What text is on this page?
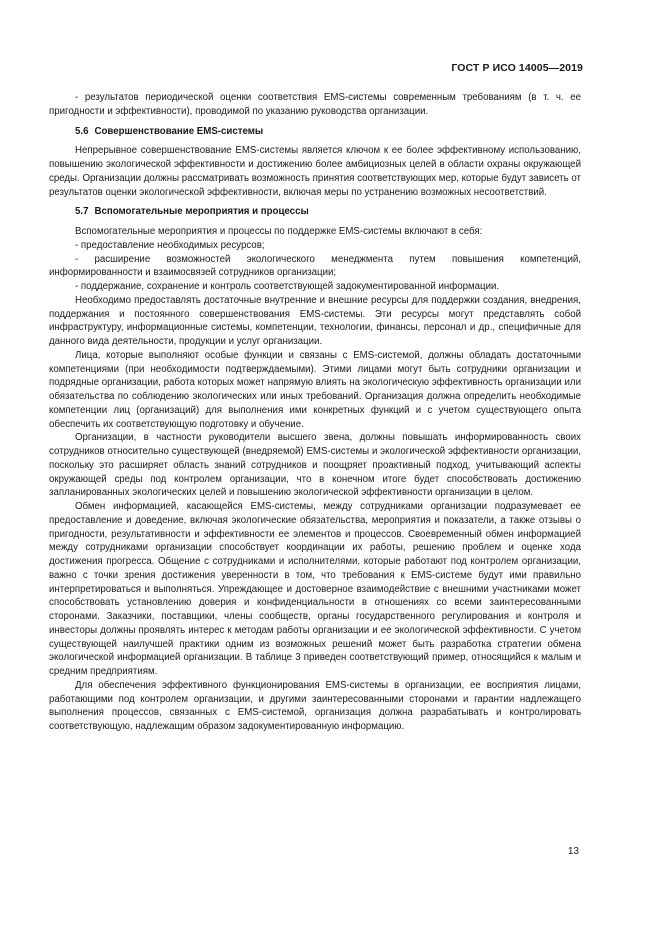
ГОСТ Р ИСО 14005—2019

- результатов периодической оценки соответствия EMS-системы современным требованиям (в т. ч. ее пригодности и эффективности), проводимой по указанию руководства организации.

5.6 Совершенствование EMS-системы

Непрерывное совершенствование EMS-системы является ключом к ее более эффективному использованию, повышению экологической эффективности и достижению более амбициозных целей в области охраны окружающей среды. Организации должны рассматривать возможность принятия соответствующих мер, которые будут зависеть от результатов оценки экологической эффективности, включая меры по устранению возможных несоответствий.

5.7 Вспомогательные мероприятия и процессы

Вспомогательные мероприятия и процессы по поддержке EMS-системы включают в себя:

- предоставление необходимых ресурсов;

- расширение возможностей экологического менеджмента путем повышения компетенций, информированности и взаимосвязей сотрудников организации;

- поддержание, сохранение и контроль соответствующей задокументированной информации.

Необходимо предоставлять достаточные внутренние и внешние ресурсы для поддержки создания, внедрения, поддержания и постоянного совершенствования EMS-системы. Эти ресурсы могут представлять собой инфраструктуру, информационные системы, компетенции, технологии, финансы, персонал и др., специфичные для данного вида деятельности, продукции и услуг организации.

Лица, которые выполняют особые функции и связаны с EMS-системой, должны обладать достаточными компетенциями (при необходимости подтверждаемыми). Этими лицами могут быть сотрудники организации и подрядные организации, работа которых может напрямую влиять на экологическую эффективность организации или обязательства по соблюдению экологических или иных требований. Организация должна определить необходимые компетенции лиц (организаций) для выполнения ими конкретных функций и с учетом существующего опыта обеспечить их соответствующую подготовку и обучение.

Организации, в частности руководители высшего звена, должны повышать информированность своих сотрудников относительно существующей (внедряемой) EMS-системы и экологической эффективности организации, поскольку это расширяет область знаний сотрудников и поощряет проактивный подход, учитывающий аспекты окружающей среды под контролем организации, что в конечном итоге будет способствовать достижению запланированных экологических целей и повышению экологической эффективности организации в целом.

Обмен информацией, касающейся EMS-системы, между сотрудниками организации подразумевает ее предоставление и доведение, включая экологические обязательства, мероприятия и показатели, а также отзывы о пригодности, результативности и эффективности ее элементов и процессов. Своевременный обмен информацией между сотрудниками организации способствует координации их работы, решению проблем и оценке хода достижения прогресса. Общение с сотрудниками и исполнителями, которые работают под контролем организации, важно с точки зрения достижения уверенности в том, что требования к EMS-системе будут ими правильно интерпретироваться и выполняться. Упреждающее и достоверное взаимодействие с внешними участниками может способствовать установлению доверия и конфиденциальности в отношениях со всеми заинтересованными сторонами. Заказчики, поставщики, члены сообществ, органы государственного регулирования и контроля и инвесторы должны проявлять интерес к методам работы организации и ее экологической эффективности. С учетом существующей наилучшей практики одним из возможных решений может быть разработка стратегии обмена экологической информацией организации. В таблице 3 приведен соответствующий пример, относящийся к малым и средним предприятиям.

Для обеспечения эффективного функционирования EMS-системы в организации, ее восприятия лицами, работающими под контролем организации, и другими заинтересованными сторонами и гарантии надлежащего выполнения процессов, связанных с EMS-системой, организация должна разрабатывать и контролировать соответствующую, надлежащим образом задокументированную информацию.

13
